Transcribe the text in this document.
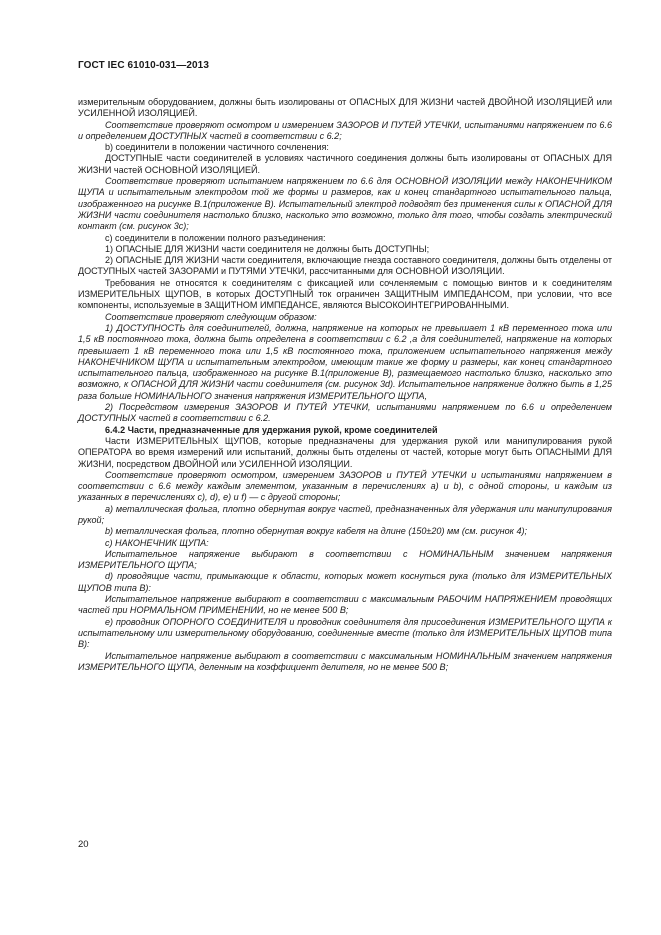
ГОСТ IEC 61010-031—2013

измерительным оборудованием, должны быть изолированы от ОПАСНЫХ ДЛЯ ЖИЗНИ частей ДВОЙНОЙ ИЗОЛЯЦИЕЙ или УСИЛЕННОЙ ИЗОЛЯЦИЕЙ.

Соответствие проверяют осмотром и измерением ЗАЗОРОВ И ПУТЕЙ УТЕЧКИ, испытаниями напряжением по 6.6 и определением ДОСТУПНЫХ частей в соответствии с 6.2;

b) соединители в положении частичного сочленения:

ДОСТУПНЫЕ части соединителей в условиях частичного соединения должны быть изолированы от ОПАСНЫХ ДЛЯ ЖИЗНИ частей ОСНОВНОЙ ИЗОЛЯЦИЕЙ.

Соответствие проверяют испытанием напряжением по 6.6 для ОСНОВНОЙ ИЗОЛЯЦИИ между НАКОНЕЧНИКОМ ЩУПА и испытательным электродом той же формы и размеров, как и конец стандартного испытательного пальца, изображенного на рисунке В.1(приложение В). Испытательный электрод подводят без применения силы к ОПАСНОЙ ДЛЯ ЖИЗНИ части соединителя настолько близко, насколько это возможно, только для того, чтобы создать электрический контакт (см. рисунок 3с);

с) соединители в положении полного разъединения:

1) ОПАСНЫЕ ДЛЯ ЖИЗНИ части соединителя не должны быть ДОСТУПНЫ;

2) ОПАСНЫЕ ДЛЯ ЖИЗНИ части соединителя, включающие гнезда составного соединителя, должны быть отделены от ДОСТУПНЫХ частей ЗАЗОРАМИ и ПУТЯМИ УТЕЧКИ, рассчитанными для ОСНОВНОЙ ИЗОЛЯЦИИ.

Требования не относятся к соединителям с фиксацией или сочленяемым с помощью винтов и к соединителям ИЗМЕРИТЕЛЬНЫХ ЩУПОВ, в которых ДОСТУПНЫЙ ток ограничен ЗАЩИТНЫМ ИМПЕДАНСОМ, при условии, что все компоненты, используемые в ЗАЩИТНОМ ИМПЕДАНСЕ, являются ВЫСОКОИНТЕГРИРОВАННЫМИ.

Соответствие проверяют следующим образом:

1) ДОСТУПНОСТЬ для соединителей, должна, напряжение на которых не превышает 1 кВ переменного тока или 1,5 кВ постоянного тока, должна быть определена в соответствии с 6.2 ,а для соединителей, напряжение на которых превышает 1 кВ переменного тока или 1,5 кВ постоянного тока, приложением испытательного напряжения между НАКОНЕЧНИКОМ ЩУПА и испытательным электродом, имеющим такие же форму и размеры, как конец стандартного испытательного пальца, изображенного на рисунке В.1(приложение В), размещаемого настолько близко, насколько это возможно, к ОПАСНОЙ ДЛЯ ЖИЗНИ части соединителя (см. рисунок 3d). Испытательное напряжение должно быть в 1,25 раза больше НОМИНАЛЬНОГО значения напряжения ИЗМЕРИТЕЛЬНОГО ЩУПА,

2) Посредством измерения ЗАЗОРОВ И ПУТЕЙ УТЕЧКИ, испытаниями напряжением по 6.6 и определением ДОСТУПНЫХ частей в соответствии с 6.2.

6.4.2 Части, предназначенные для удержания рукой, кроме соединителей

Части ИЗМЕРИТЕЛЬНЫХ ЩУПОВ, которые предназначены для удержания рукой или манипулирования рукой ОПЕРАТОРА во время измерений или испытаний, должны быть отделены от частей, которые могут быть ОПАСНЫМИ ДЛЯ ЖИЗНИ, посредством ДВОЙНОЙ или УСИЛЕННОЙ ИЗОЛЯЦИИ.

Соответствие проверяют осмотром, измерением ЗАЗОРОВ и ПУТЕЙ УТЕЧКИ и испытаниями напряжением в соответствии с 6.6 между каждым элементом, указанным в перечислениях а) и b), с одной стороны, и каждым из указанных в перечислениях с), d), е) и f) — с другой стороны;

а) металлическая фольга, плотно обернутая вокруг частей, предназначенных для удержания или манипулирования рукой;

b) металлическая фольга, плотно обернутая вокруг кабеля на длине (150±20) мм (см. рисунок 4);

с) НАКОНЕЧНИК ЩУПА:

Испытательное напряжение выбирают в соответствии с НОМИНАЛЬНЫМ значением напряжения ИЗМЕРИТЕЛЬНОГО ЩУПА;

d) проводящие части, примыкающие к области, которых может коснуться рука (только для ИЗМЕРИТЕЛЬНЫХ ЩУПОВ типа В):

Испытательное напряжение выбирают в соответствии с максимальным РАБОЧИМ НАПРЯЖЕНИЕМ проводящих частей при НОРМАЛЬНОМ ПРИМЕНЕНИИ, но не менее 500 В;

е) проводник ОПОРНОГО СОЕДИНИТЕЛЯ и проводник соединителя для присоединения ИЗМЕРИТЕЛЬНОГО ЩУПА к испытательному или измерительному оборудованию, соединенные вместе (только для ИЗМЕРИТЕЛЬНЫХ ЩУПОВ типа В):

Испытательное напряжение выбирают в соответствии с максимальным НОМИНАЛЬНЫМ значением напряжения ИЗМЕРИТЕЛЬНОГО ЩУПА, деленным на коэффициент делителя, но не менее 500 В;

20
